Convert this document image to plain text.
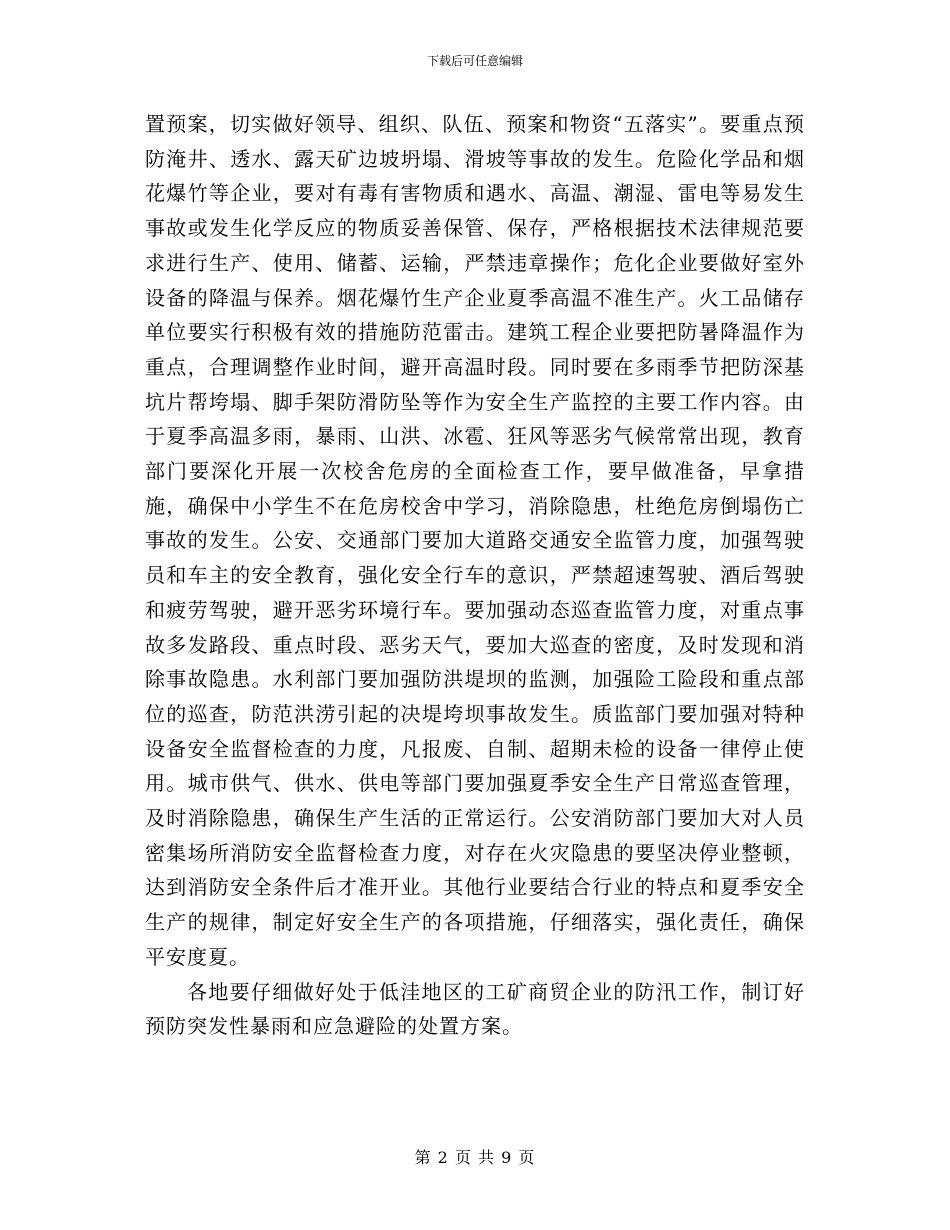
下载后可任意编辑

置预案，切实做好领导、组织、队伍、预案和物资“五落实”。要重点预防淹井、透水、露天矿边坡坍塌、滑坡等事故的发生。危险化学品和烟花爆竹等企业，要对有毒有害物质和遇水、高温、潮湿、雷电等易发生事故或发生化学反应的物质妥善保管、保存，严格根据技术法律规范要求进行生产、使用、储蓄、运输，严禁违章操作；危化企业要做好室外设备的降温与保养。烟花爆竹生产企业夏季高温不准生产。火工品储存单位要实行积极有效的措施防范雷击。建筑工程企业要把防暑降温作为重点，合理调整作业时间，避开高温时段。同时要在多雨季节把防深基坑片帮垮塌、脚手架防滑防坠等作为安全生产监控的主要工作内容。由于夏季高温多雨，暴雨、山洪、冰雹、狂风等恶劣气候常常出现，教育部门要深化开展一次校舍危房的全面检查工作，要早做准备，早拿措施，确保中小学生不在危房校舍中学习，消除隐患，杜绝危房倒塌伤亡事故的发生。公安、交通部门要加大道路交通安全监管力度，加强驾驶员和车主的安全教育，强化安全行车的意识，严禁超速驾驶、酒后驾驶和疲劳驾驶，避开恶劣环境行车。要加强动态巡查监管力度，对重点事故多发路段、重点时段、恶劣天气，要加大巡查的密度，及时发现和消除事故隐患。水利部门要加强防洪堤坝的监测，加强险工险段和重点部位的巡查，防范洪涝引起的决堤垮坝事故发生。质监部门要加强对特种设备安全监督检查的力度，凡报废、自制、超期未检的设备一律停止使用。城市供气、供水、供电等部门要加强夏季安全生产日常巡查管理，及时消除隐患，确保生产生活的正常运行。公安消防部门要加大对人员密集场所消防安全监督检查力度，对存在火灾隐患的要坚决停业整顿，达到消防安全条件后才准开业。其他行业要结合行业的特点和夏季安全生产的规律，制定好安全生产的各项措施，仔细落实，强化责任，确保平安度夏。

各地要仔细做好处于低洼地区的工矿商贸企业的防汛工作，制订好预防突发性暴雨和应急避险的处置方案。

第 2 页 共 9 页
